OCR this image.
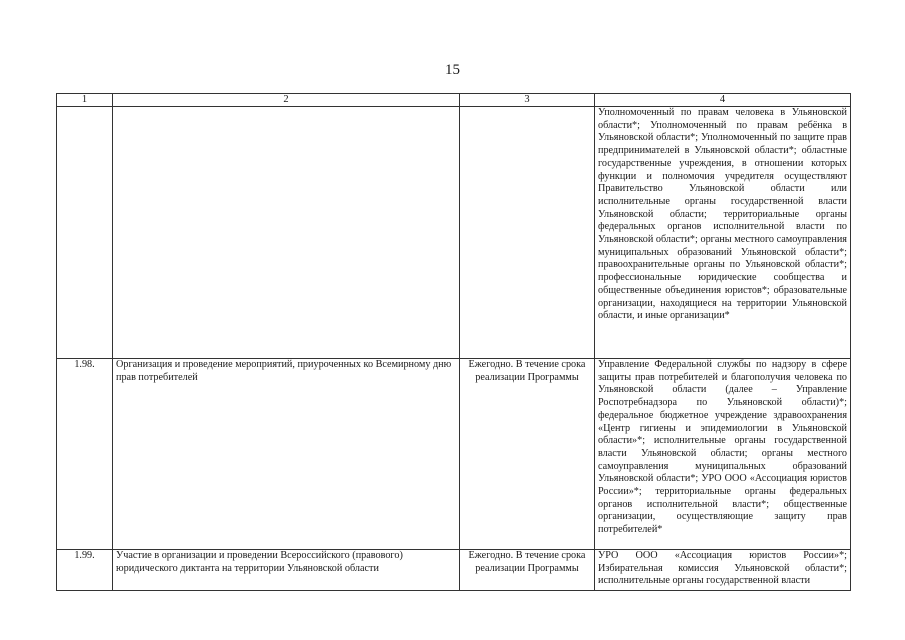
15
1	2	3	4
			Уполномоченный по правам человека в Ульяновской области*; Уполномоченный по правам ребёнка в Ульяновской области*; Уполномоченный по защите прав предпринимателей в Ульяновской области*; областные государственные учреждения, в отношении которых функции и полномочия учредителя осуществляют Правительство Ульяновской области или исполнительные органы государственной власти Ульяновской области; территориальные органы федеральных органов исполнительной власти по Ульяновской области*; органы местного самоуправления муниципальных образований Ульяновской области*; правоохранительные органы по Ульяновской области*; профессиональные юридические сообщества и общественные объединения юристов*; образовательные организации, находящиеся на территории Ульяновской области, и иные организации*
1.98.	Организация и проведение мероприятий, приуроченных ко Всемирному дню прав потребителей	Ежегодно. В течение срока реализации Программы	Управление Федеральной службы по надзору в сфере защиты прав потребителей и благополучия человека по Ульяновской области (далее – Управление Роспотребнадзора по Ульяновской области)*; федеральное бюджетное учреждение здравоохранения «Центр гигиены и эпидемиологии в Ульяновской области»*; исполнительные органы государственной власти Ульяновской области; органы местного самоуправления муниципальных образований Ульяновской области*; УРО ООО «Ассоциация юристов России»*; территориальные органы федеральных органов исполнительной власти*; общественные организации, осуществляющие защиту прав потребителей*
1.99.	Участие в организации и проведении Всероссийского (правового) юридического диктанта на территории Ульяновской области	Ежегодно. В течение срока реализации Программы	УРО ООО «Ассоциация юристов России»*; Избирательная комиссия Ульяновской области*; исполнительные органы государственной власти
